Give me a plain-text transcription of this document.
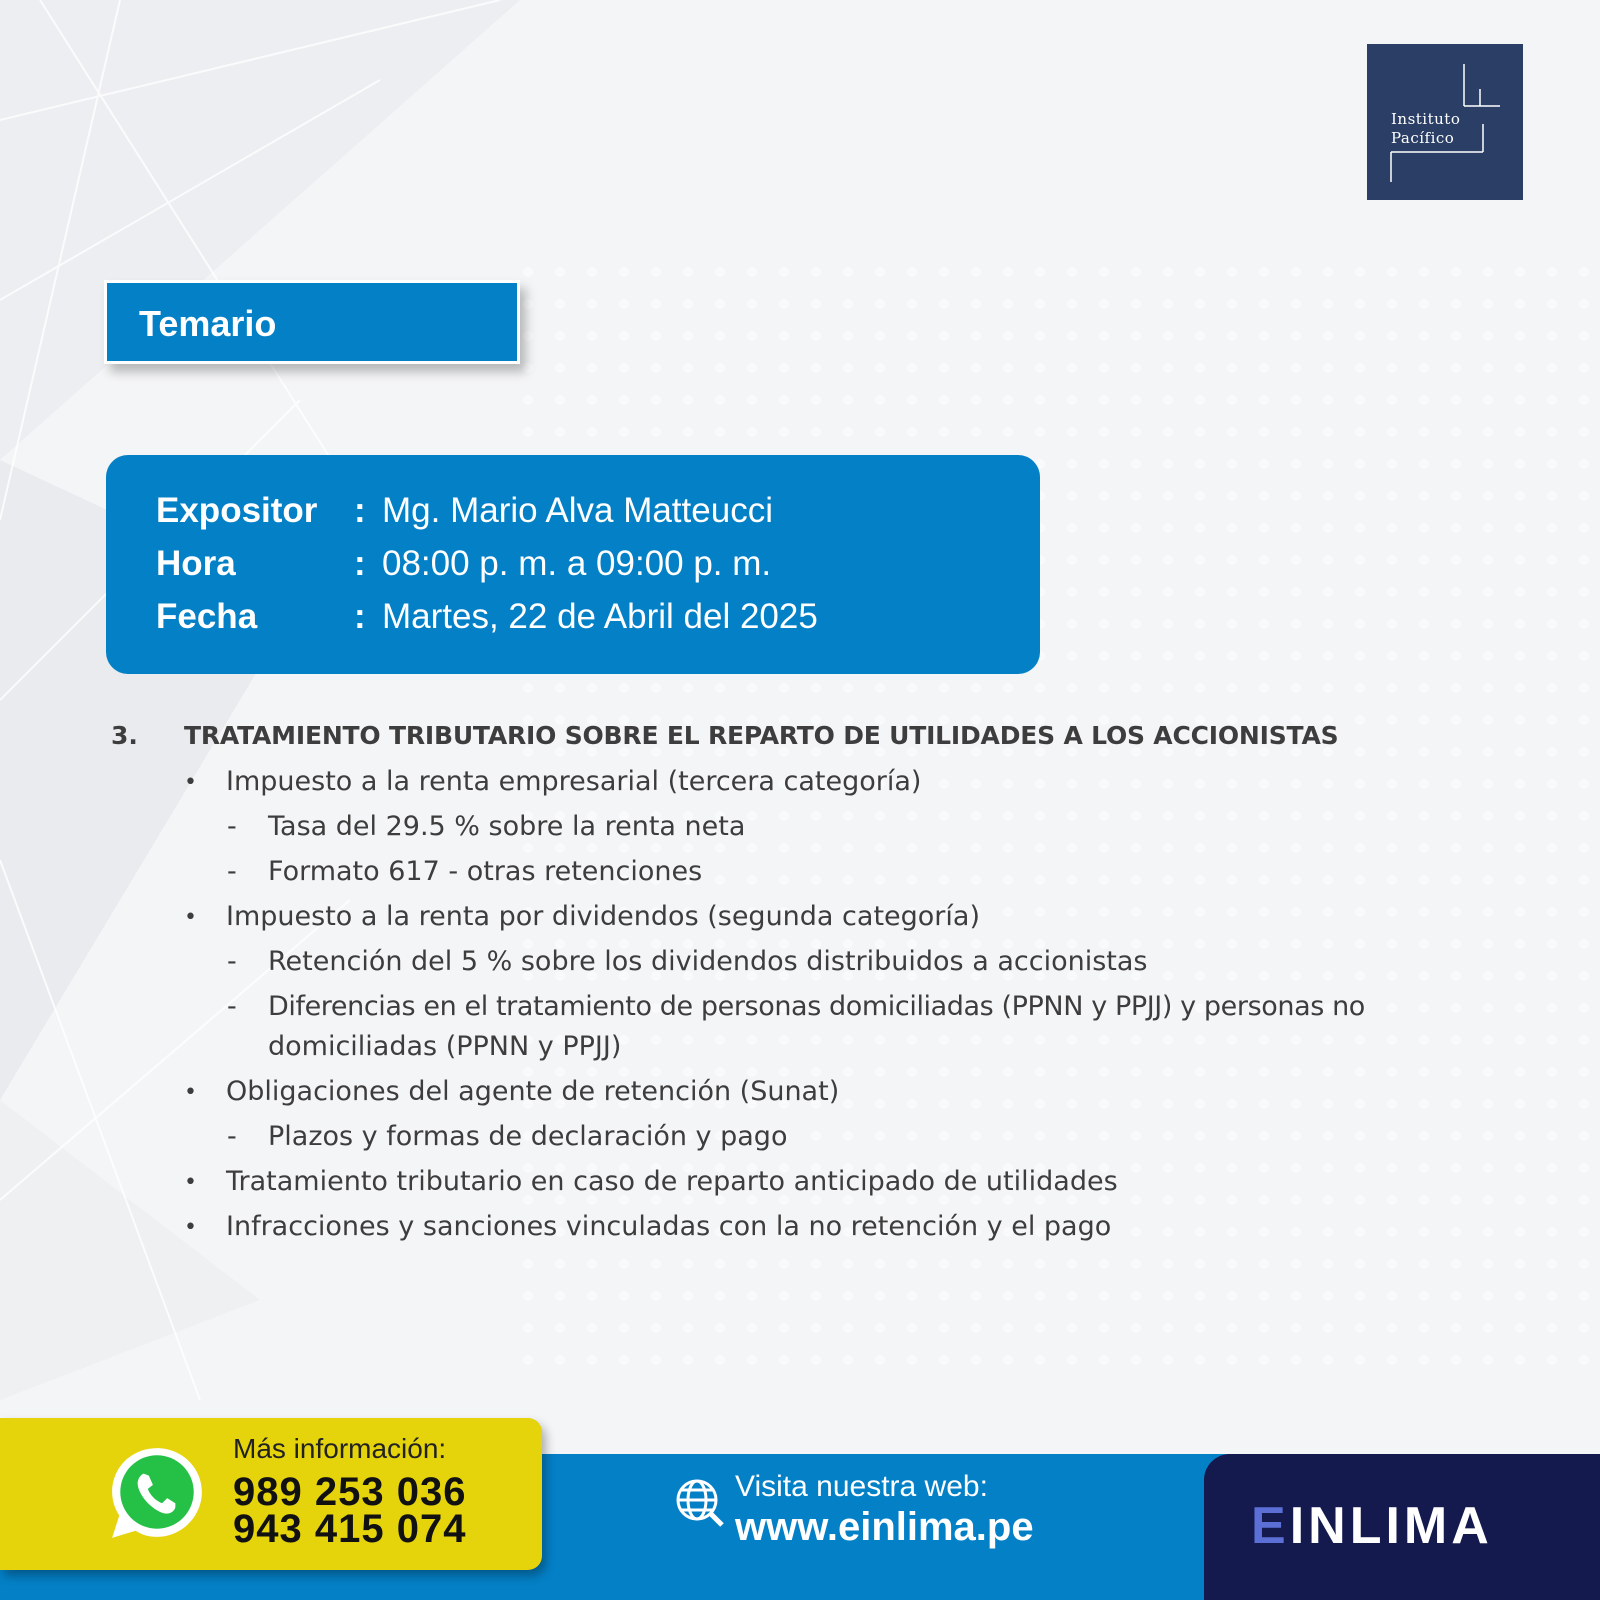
Instituto
Pacífico
Temario
Expositor : Mg. Mario Alva Matteucci
Hora	: 08:00 p. m. a 09:00 p. m.
Fecha	: Martes, 22 de Abril del 2025
3. TRATAMIENTO TRIBUTARIO SOBRE EL REPARTO DE UTILIDADES A LOS ACCIONISTAS
• Impuesto a la renta empresarial (tercera categoría)
- Tasa del 29.5 % sobre la renta neta
- Formato 617 - otras retenciones
• Impuesto a la renta por dividendos (segunda categoría)
- Retención del 5 % sobre los dividendos distribuidos a accionistas
- Diferencias en el tratamiento de personas domiciliadas (PPNN y PPJJ) y personas no
domiciliadas (PPNN y PPJJ)
• Obligaciones del agente de retención (Sunat)
- Plazos y formas de declaración y pago
• Tratamiento tributario en caso de reparto anticipado de utilidades
• Infracciones y sanciones vinculadas con la no retención y el pago
EINLIMA
Más información:
989 253 036
943 415 074
Visita nuestra web:
www.einlima.pe
